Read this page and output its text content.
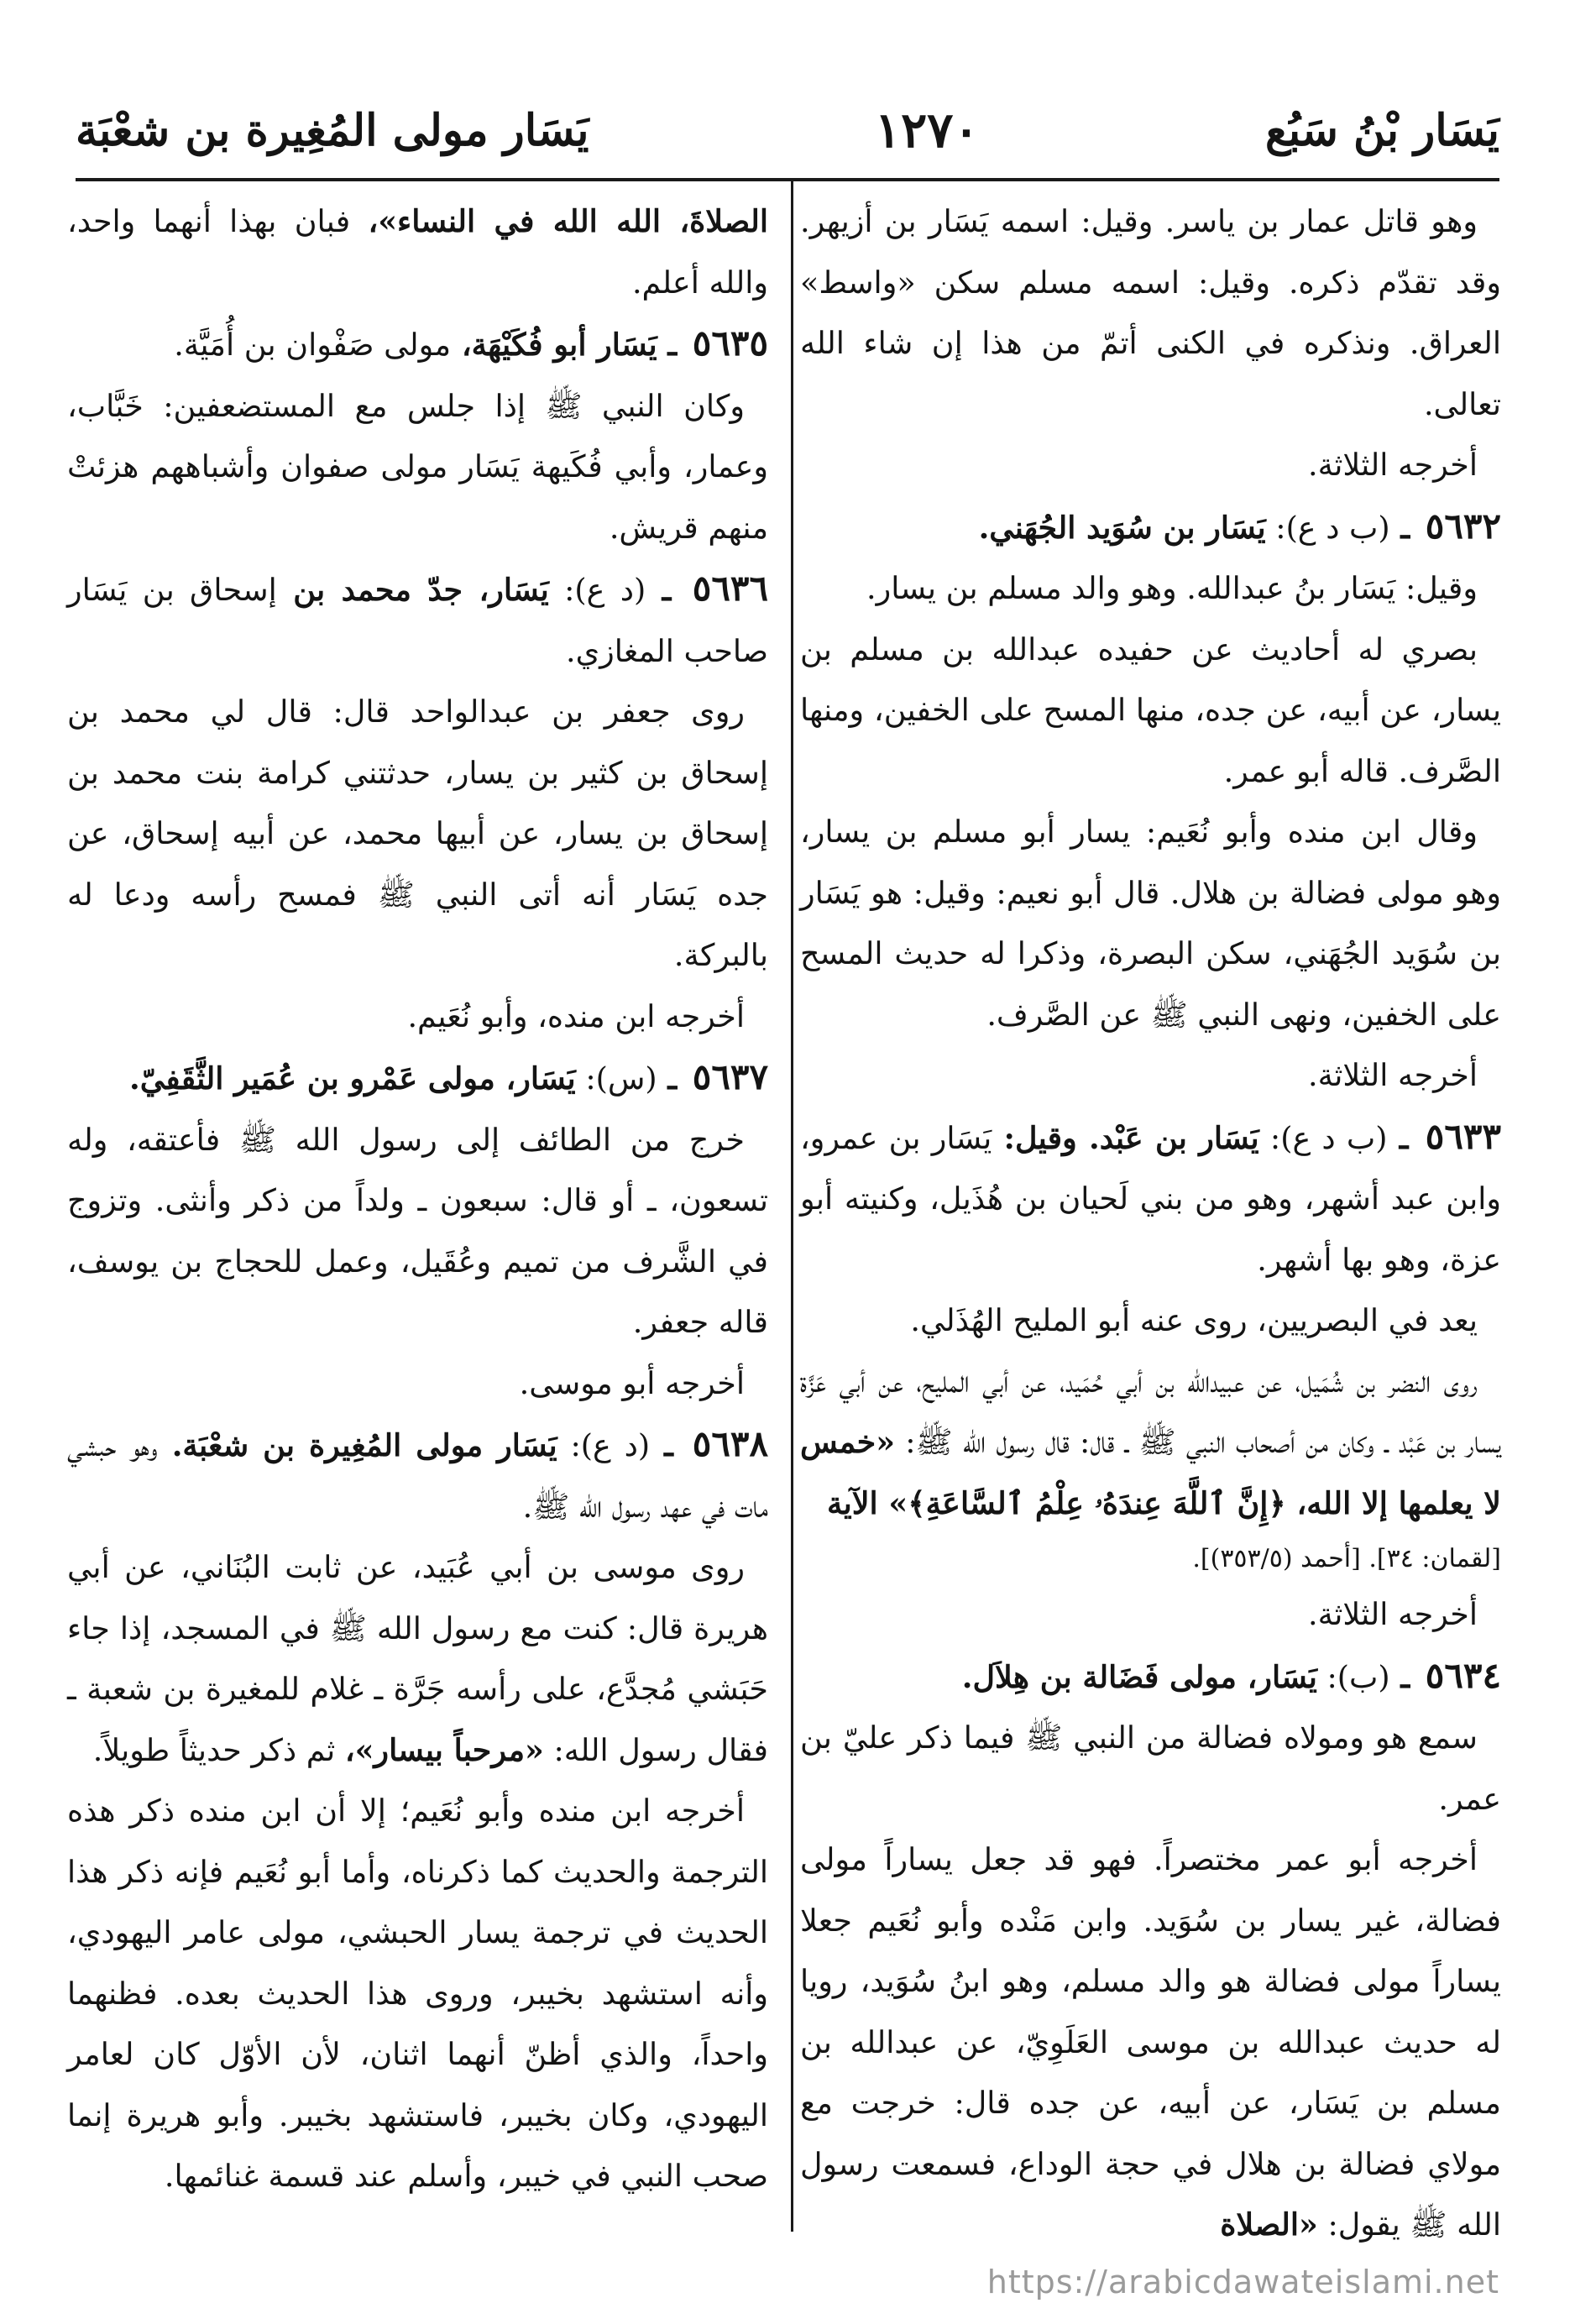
يَسَار بْنُ سَبُع
١٢٧٠
يَسَار مولى المُغِيرة بن شعْبَة

وهو قاتل عمار بن ياسر. وقيل: اسمه يَسَار بن أزيهر. وقد تقدّم ذكره. وقيل: اسمه مسلم سكن «واسط» العراق. ونذكره في الكنى أتمّ من هذا إن شاء الله تعالى.

أخرجه الثلاثة.

٥٦٣٢ ـ (ب د ع): يَسَار بن سُوَيد الجُهَني.

وقيل: يَسَار بنُ عبدالله. وهو والد مسلم بن يسار.

بصري له أحاديث عن حفيده عبدالله بن مسلم بن يسار، عن أبيه، عن جده، منها المسح على الخفين، ومنها الصَّرف. قاله أبو عمر.

وقال ابن منده وأبو نُعَيم: يسار أبو مسلم بن يسار، وهو مولى فضالة بن هلال. قال أبو نعيم: وقيل: هو يَسَار بن سُوَيد الجُهَني، سكن البصرة، وذكرا له حديث المسح على الخفين، ونهى النبي ﷺ عن الصَّرف.

أخرجه الثلاثة.

٥٦٣٣ ـ (ب د ع): يَسَار بن عَبْد. وقيل: يَسَار بن عمرو، وابن عبد أشهر، وهو من بني لَحيان بن هُذَيل، وكنيته أبو عزة، وهو بها أشهر.

يعد في البصريين، روى عنه أبو المليح الهُذَلي.

روى النضر بن شُمَيل، عن عبيدالله بن أبي حُمَيد، عن أبي المليح، عن أبي عَزَّة يسار بن عَبْد ـ وكان من أصحاب النبي ﷺ ـ قال: قال رسول الله ﷺ: «خمس لا يعلمها إلا الله، ﴿إِنَّ ٱللَّهَ عِندَهُۥ عِلْمُ ٱلسَّاعَةِ﴾» الآية

[لقمان: ٣٤]. [أحمد (٣٥٣/٥)].

أخرجه الثلاثة.

٥٦٣٤ ـ (ب): يَسَار، مولى فَضَالة بن هِلاَل.

سمع هو ومولاه فضالة من النبي ﷺ فيما ذكر عليّ بن عمر.

أخرجه أبو عمر مختصراً. فهو قد جعل يساراً مولى فضالة، غير يسار بن سُوَيد. وابن مَنْده وأبو نُعَيم جعلا يساراً مولى فضالة هو والد مسلم، وهو ابنُ سُوَيد، رويا له حديث عبدالله بن موسى العَلَوِيّ، عن عبدالله بن مسلم بن يَسَار، عن أبيه، عن جده قال: خرجت مع مولاي فضالة بن هلال في حجة الوداع، فسمعت رسول الله ﷺ يقول: «الصلاة

الصلاةَ، الله الله في النساء»، فبان بهذا أنهما واحد، والله أعلم.

٥٦٣٥ ـ يَسَار أبو فُكَيْهَة، مولى صَفْوان بن أُمَيَّة.

وكان النبي ﷺ إذا جلس مع المستضعفين: خَبَّاب، وعمار، وأبي فُكَيهة يَسَار مولى صفوان وأشباههم هزئتْ منهم قريش.

٥٦٣٦ ـ (د ع): يَسَار، جدّ محمد بن إسحاق بن يَسَار صاحب المغازي.

روى جعفر بن عبدالواحد قال: قال لي محمد بن إسحاق بن كثير بن يسار، حدثتني كرامة بنت محمد بن إسحاق بن يسار، عن أبيها محمد، عن أبيه إسحاق، عن جده يَسَار أنه أتى النبي ﷺ فمسح رأسه ودعا له بالبركة.

أخرجه ابن منده، وأبو نُعَيم.

٥٦٣٧ ـ (س): يَسَار، مولى عَمْرو بن عُمَير الثَّقَفِيّ.

خرج من الطائف إلى رسول الله ﷺ فأعتقه، وله تسعون، ـ أو قال: سبعون ـ ولداً من ذكر وأنثى. وتزوج في الشَّرف من تميم وعُقَيل، وعمل للحجاج بن يوسف، قاله جعفر.

أخرجه أبو موسى.

٥٦٣٨ ـ (د ع): يَسَار مولى المُغِيرة بن شعْبَة. وهو حبشي مات في عهد رسول الله ﷺ.

روى موسى بن أبي عُبَيد، عن ثابت البُنَاني، عن أبي هريرة قال: كنت مع رسول الله ﷺ في المسجد، إذا جاء حَبَشي مُجدَّع، على رأسه جَرَّة ـ غلام للمغيرة بن شعبة ـ فقال رسول الله: «مرحباً بيسار»، ثم ذكر حديثاً طويلاً.

أخرجه ابن منده وأبو نُعَيم؛ إلا أن ابن منده ذكر هذه الترجمة والحديث كما ذكرناه، وأما أبو نُعَيم فإنه ذكر هذا الحديث في ترجمة يسار الحبشي، مولى عامر اليهودي، وأنه استشهد بخيبر، وروى هذا الحديث بعده. فظنهما واحداً، والذي أظنّ أنهما اثنان، لأن الأوّل كان لعامر اليهودي، وكان بخيبر، فاستشهد بخيبر. وأبو هريرة إنما صحب النبي في خيبر، وأسلم عند قسمة غنائمها.

https://arabicdawateislami.net
